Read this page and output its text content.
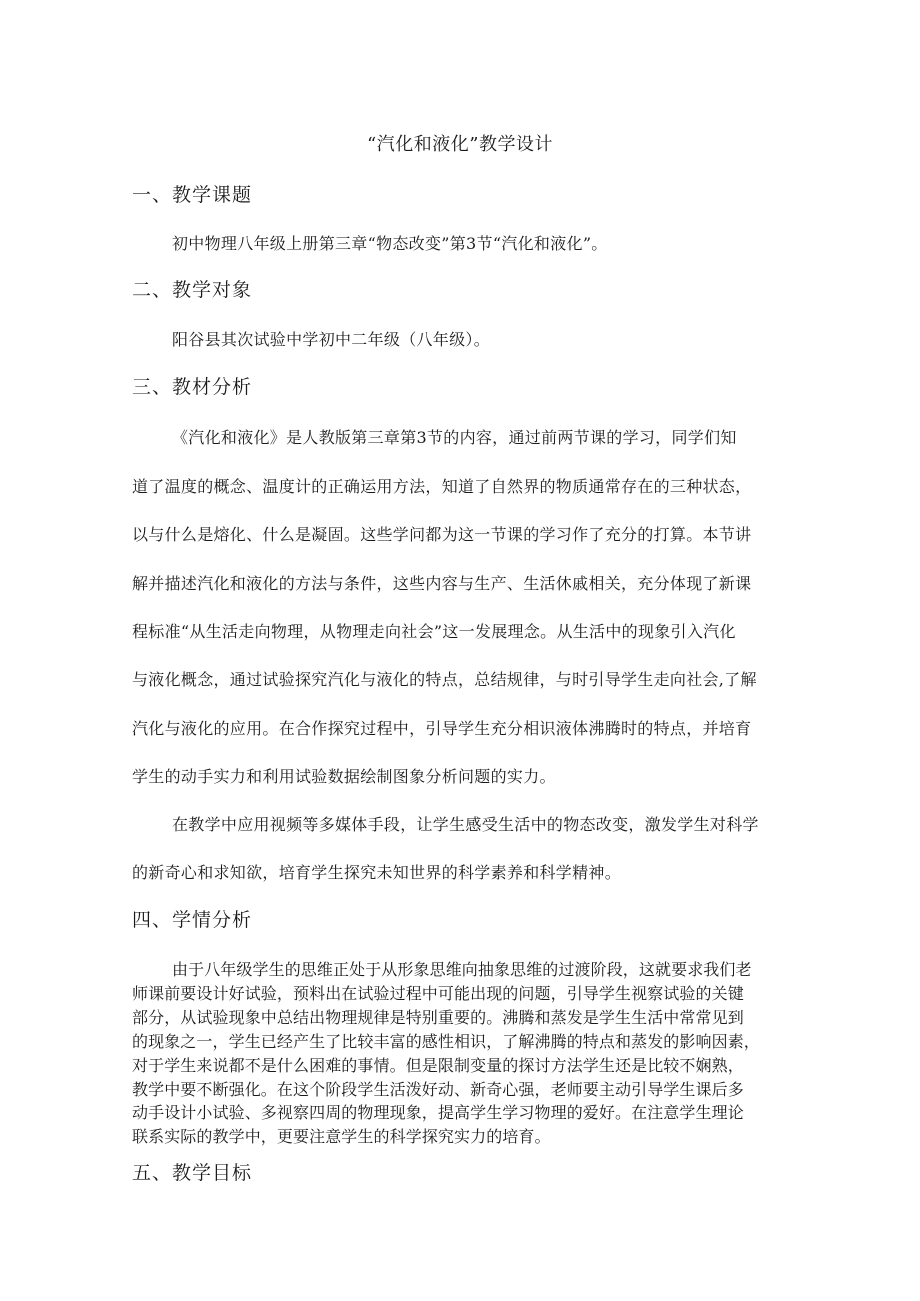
“汽化和液化”教学设计
一、教学课题
初中物理八年级上册第三章“物态改变”第3节“汽化和液化”。
二、教学对象
阳谷县其次试验中学初中二年级（八年级）。
三、教材分析
《汽化和液化》是人教版第三章第3节的内容，通过前两节课的学习，同学们知
道了温度的概念、温度计的正确运用方法，知道了自然界的物质通常存在的三种状态，
以与什么是熔化、什么是凝固。这些学问都为这一节课的学习作了充分的打算。本节讲
解并描述汽化和液化的方法与条件，这些内容与生产、生活休戚相关，充分体现了新课
程标准“从生活走向物理，从物理走向社会”这一发展理念。从生活中的现象引入汽化
与液化概念，通过试验探究汽化与液化的特点，总结规律，与时引导学生走向社会,了解
汽化与液化的应用。在合作探究过程中，引导学生充分相识液体沸腾时的特点，并培育
学生的动手实力和利用试验数据绘制图象分析问题的实力。
在教学中应用视频等多媒体手段，让学生感受生活中的物态改变，激发学生对科学
的新奇心和求知欲，培育学生探究未知世界的科学素养和科学精神。
四、学情分析
由于八年级学生的思维正处于从形象思维向抽象思维的过渡阶段，这就要求我们老
师课前要设计好试验，预料出在试验过程中可能出现的问题，引导学生视察试验的关键
部分，从试验现象中总结出物理规律是特别重要的。沸腾和蒸发是学生生活中常常见到
的现象之一，学生已经产生了比较丰富的感性相识，了解沸腾的特点和蒸发的影响因素，
对于学生来说都不是什么困难的事情。但是限制变量的探讨方法学生还是比较不娴熟，
教学中要不断强化。在这个阶段学生活泼好动、新奇心强，老师要主动引导学生课后多
动手设计小试验、多视察四周的物理现象，提高学生学习物理的爱好。在注意学生理论
联系实际的教学中，更要注意学生的科学探究实力的培育。
五、教学目标
